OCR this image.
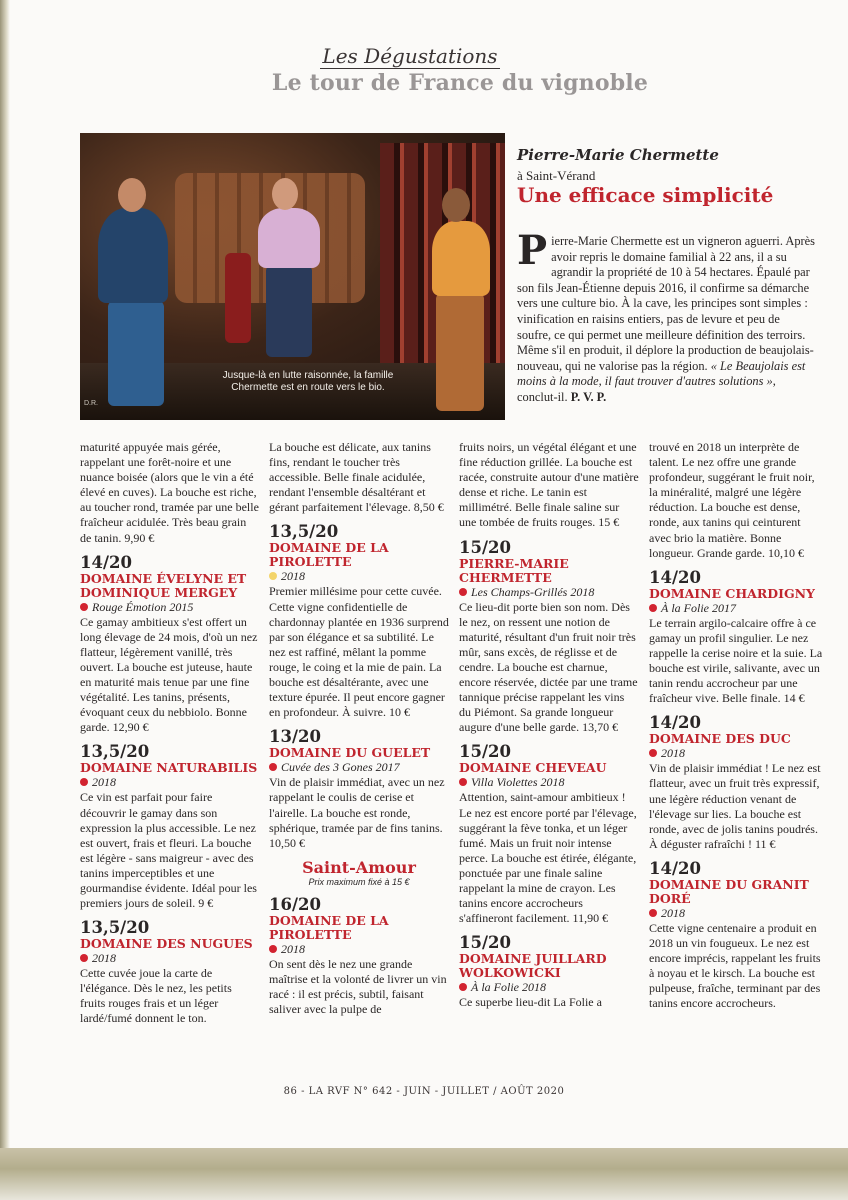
Les Dégustations
Le tour de France du vignoble
Jusque-là en lutte raisonnée, la famille Chermette est en route vers le bio.
D.R.
Pierre-Marie Chermette
à Saint-Vérand
Une efficace simplicité
Pierre-Marie Chermette est un vigneron aguerri. Après avoir repris le domaine familial à 22 ans, il a su agrandir la propriété de 10 à 54 hectares. Épaulé par son fils Jean-Étienne depuis 2016, il confirme sa démarche vers une culture bio. À la cave, les principes sont simples : vinification en raisins entiers, pas de levure et peu de soufre, ce qui permet une meilleure définition des terroirs. Même s'il en produit, il déplore la production de beaujolais-nouveau, qui ne valorise pas la région. « Le Beaujolais est moins à la mode, il faut trouver d'autres solutions », conclut-il. P. V. P.

maturité appuyée mais gérée, rappelant une forêt-noire et une nuance boisée (alors que le vin a été élevé en cuves). La bouche est riche, au toucher rond, tramée par une belle fraîcheur acidulée. Très beau grain de tanin. 9,90 €

14/20
DOMAINE ÉVELYNE ET DOMINIQUE MERGEY
Rouge Émotion 2015

Ce gamay ambitieux s'est offert un long élevage de 24 mois, d'où un nez flatteur, légèrement vanillé, très ouvert. La bouche est juteuse, haute en maturité mais tenue par une fine végétalité. Les tanins, présents, évoquant ceux du nebbiolo. Bonne garde. 12,90 €

13,5/20
DOMAINE NATURABILIS
2018

Ce vin est parfait pour faire découvrir le gamay dans son expression la plus accessible. Le nez est ouvert, frais et fleuri. La bouche est légère - sans maigreur - avec des tanins imperceptibles et une gourmandise évidente. Idéal pour les premiers jours de soleil. 9 €

13,5/20
DOMAINE DES NUGUES
2018

Cette cuvée joue la carte de l'élégance. Dès le nez, les petits fruits rouges frais et un léger lardé/fumé donnent le ton.

La bouche est délicate, aux tanins fins, rendant le toucher très accessible. Belle finale acidulée, rendant l'ensemble désaltérant et gérant parfaitement l'élevage. 8,50 €

13,5/20
DOMAINE DE LA PIROLETTE
2018

Premier millésime pour cette cuvée. Cette vigne confidentielle de chardonnay plantée en 1936 surprend par son élégance et sa subtilité. Le nez est raffiné, mêlant la pomme rouge, le coing et la mie de pain. La bouche est désaltérante, avec une texture épurée. Il peut encore gagner en profondeur. À suivre. 10 €

13/20
DOMAINE DU GUELET
Cuvée des 3 Gones 2017

Vin de plaisir immédiat, avec un nez rappelant le coulis de cerise et l'airelle. La bouche est ronde, sphérique, tramée par de fins tanins. 10,50 €

Saint-Amour
Prix maximum fixé à 15 €
16/20
DOMAINE DE LA PIROLETTE
2018

On sent dès le nez une grande maîtrise et la volonté de livrer un vin racé : il est précis, subtil, faisant saliver avec la pulpe de

fruits noirs, un végétal élégant et une fine réduction grillée. La bouche est racée, construite autour d'une matière dense et riche. Le tanin est millimétré. Belle finale saline sur une tombée de fruits rouges. 15 €

15/20
PIERRE-MARIE CHERMETTE
Les Champs-Grillés 2018

Ce lieu-dit porte bien son nom. Dès le nez, on ressent une notion de maturité, résultant d'un fruit noir très mûr, sans excès, de réglisse et de cendre. La bouche est charnue, encore réservée, dictée par une trame tannique précise rappelant les vins du Piémont. Sa grande longueur augure d'une belle garde. 13,70 €

15/20
DOMAINE CHEVEAU
Villa Violettes 2018

Attention, saint-amour ambitieux ! Le nez est encore porté par l'élevage, suggérant la fève tonka, et un léger fumé. Mais un fruit noir intense perce. La bouche est étirée, élégante, ponctuée par une finale saline rappelant la mine de crayon. Les tanins encore accrocheurs s'affineront facilement. 11,90 €

15/20
DOMAINE JUILLARD WOLKOWICKI
À la Folie 2018

Ce superbe lieu-dit La Folie a

trouvé en 2018 un interprète de talent. Le nez offre une grande profondeur, suggérant le fruit noir, la minéralité, malgré une légère réduction. La bouche est dense, ronde, aux tanins qui ceinturent avec brio la matière. Bonne longueur. Grande garde. 10,10 €

14/20
DOMAINE CHARDIGNY
À la Folie 2017

Le terrain argilo-calcaire offre à ce gamay un profil singulier. Le nez rappelle la cerise noire et la suie. La bouche est virile, salivante, avec un tanin rendu accrocheur par une fraîcheur vive. Belle finale. 14 €

14/20
DOMAINE DES DUC
2018

Vin de plaisir immédiat ! Le nez est flatteur, avec un fruit très expressif, une légère réduction venant de l'élevage sur lies. La bouche est ronde, avec de jolis tanins poudrés. À déguster rafraîchi ! 11 €

14/20
DOMAINE DU GRANIT DORÉ
2018

Cette vigne centenaire a produit en 2018 un vin fougueux. Le nez est encore imprécis, rappelant les fruits à noyau et le kirsch. La bouche est pulpeuse, fraîche, terminant par des tanins encore accrocheurs.

86 - LA RVF N° 642 - JUIN - JUILLET / AOÛT 2020
